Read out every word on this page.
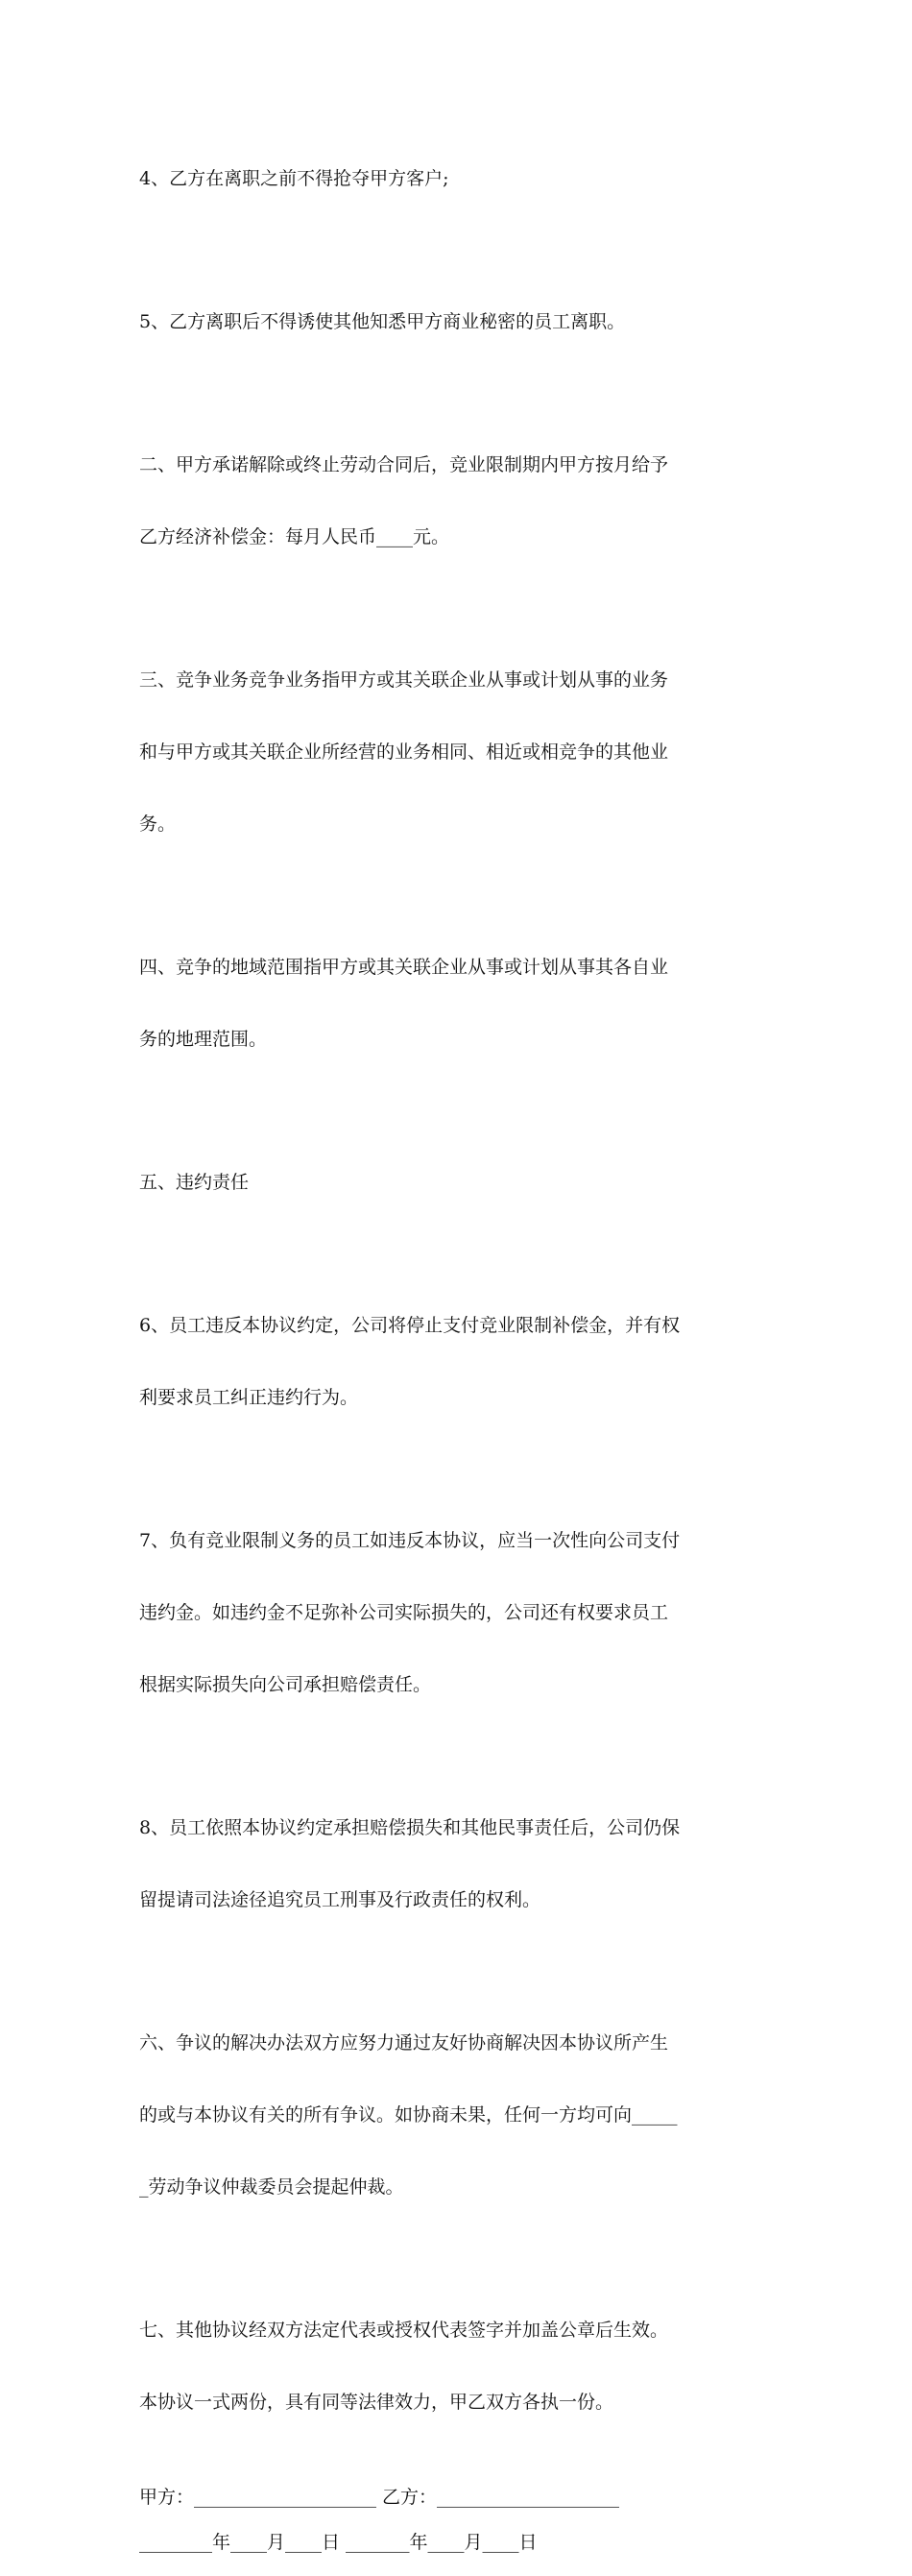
4、乙方在离职之前不得抢夺甲方客户;

5、乙方离职后不得诱使其他知悉甲方商业秘密的员工离职。

二、甲方承诺解除或终止劳动合同后，竞业限制期内甲方按月给予

乙方经济补偿金：每月人民币____元。

三、竞争业务竞争业务指甲方或其关联企业从事或计划从事的业务

和与甲方或其关联企业所经营的业务相同、相近或相竞争的其他业

务。

四、竞争的地域范围指甲方或其关联企业从事或计划从事其各自业

务的地理范围。

五、违约责任

6、员工违反本协议约定，公司将停止支付竞业限制补偿金，并有权

利要求员工纠正违约行为。

7、负有竞业限制义务的员工如违反本协议，应当一次性向公司支付

违约金。如违约金不足弥补公司实际损失的，公司还有权要求员工

根据实际损失向公司承担赔偿责任。

8、员工依照本协议约定承担赔偿损失和其他民事责任后，公司仍保

留提请司法途径追究员工刑事及行政责任的权利。

六、争议的解决办法双方应努力通过友好协商解决因本协议所产生

的或与本协议有关的所有争议。如协商未果，任何一方均可向_____

_劳动争议仲裁委员会提起仲裁。

七、其他协议经双方法定代表或授权代表签字并加盖公章后生效。

本协议一式两份，具有同等法律效力，甲乙双方各执一份。

甲方：____________________ 乙方：____________________
________年____月____日 _______年____月____日
